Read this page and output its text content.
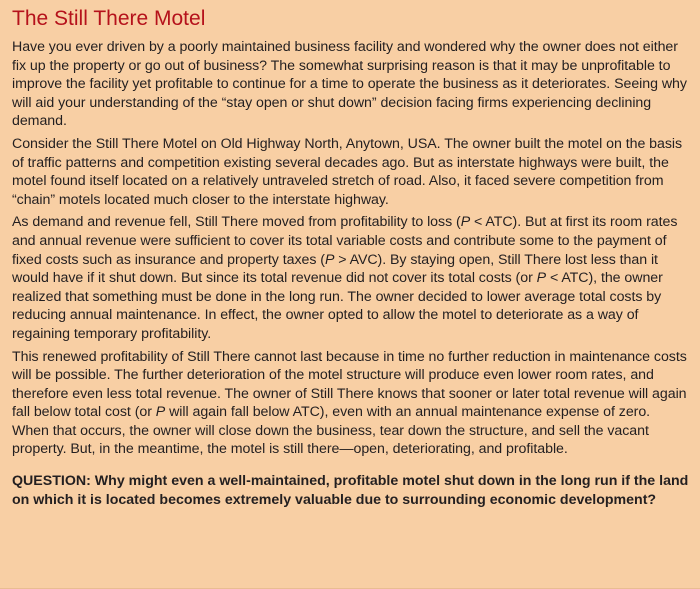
The Still There Motel

Have you ever driven by a poorly maintained business facility and wondered why the owner does not either fix up the property or go out of business? The somewhat surprising reason is that it may be unprofitable to improve the facility yet profitable to continue for a time to operate the business as it deteriorates. Seeing why will aid your understanding of the “stay open or shut down” decision facing firms experiencing declining demand.

Consider the Still There Motel on Old Highway North, Anytown, USA. The owner built the motel on the basis of traffic patterns and competition existing several decades ago. But as interstate highways were built, the motel found itself located on a relatively untraveled stretch of road. Also, it faced severe competition from “chain” motels located much closer to the interstate highway.

As demand and revenue fell, Still There moved from profitability to loss (P < ATC). But at first its room rates and annual revenue were sufficient to cover its total variable costs and contribute some to the payment of fixed costs such as insurance and property taxes (P > AVC). By staying open, Still There lost less than it would have if it shut down. But since its total revenue did not cover its total costs (or P < ATC), the owner realized that something must be done in the long run. The owner decided to lower average total costs by reducing annual maintenance. In effect, the owner opted to allow the motel to deteriorate as a way of regaining temporary profitability.

This renewed profitability of Still There cannot last because in time no further reduction in maintenance costs will be possible. The further deterioration of the motel structure will produce even lower room rates, and therefore even less total revenue. The owner of Still There knows that sooner or later total revenue will again fall below total cost (or P will again fall below ATC), even with an annual maintenance expense of zero. When that occurs, the owner will close down the business, tear down the structure, and sell the vacant property. But, in the meantime, the motel is still there—open, deteriorating, and profitable.

QUESTION: Why might even a well-maintained, profitable motel shut down in the long run if the land on which it is located becomes extremely valuable due to surrounding economic development?
